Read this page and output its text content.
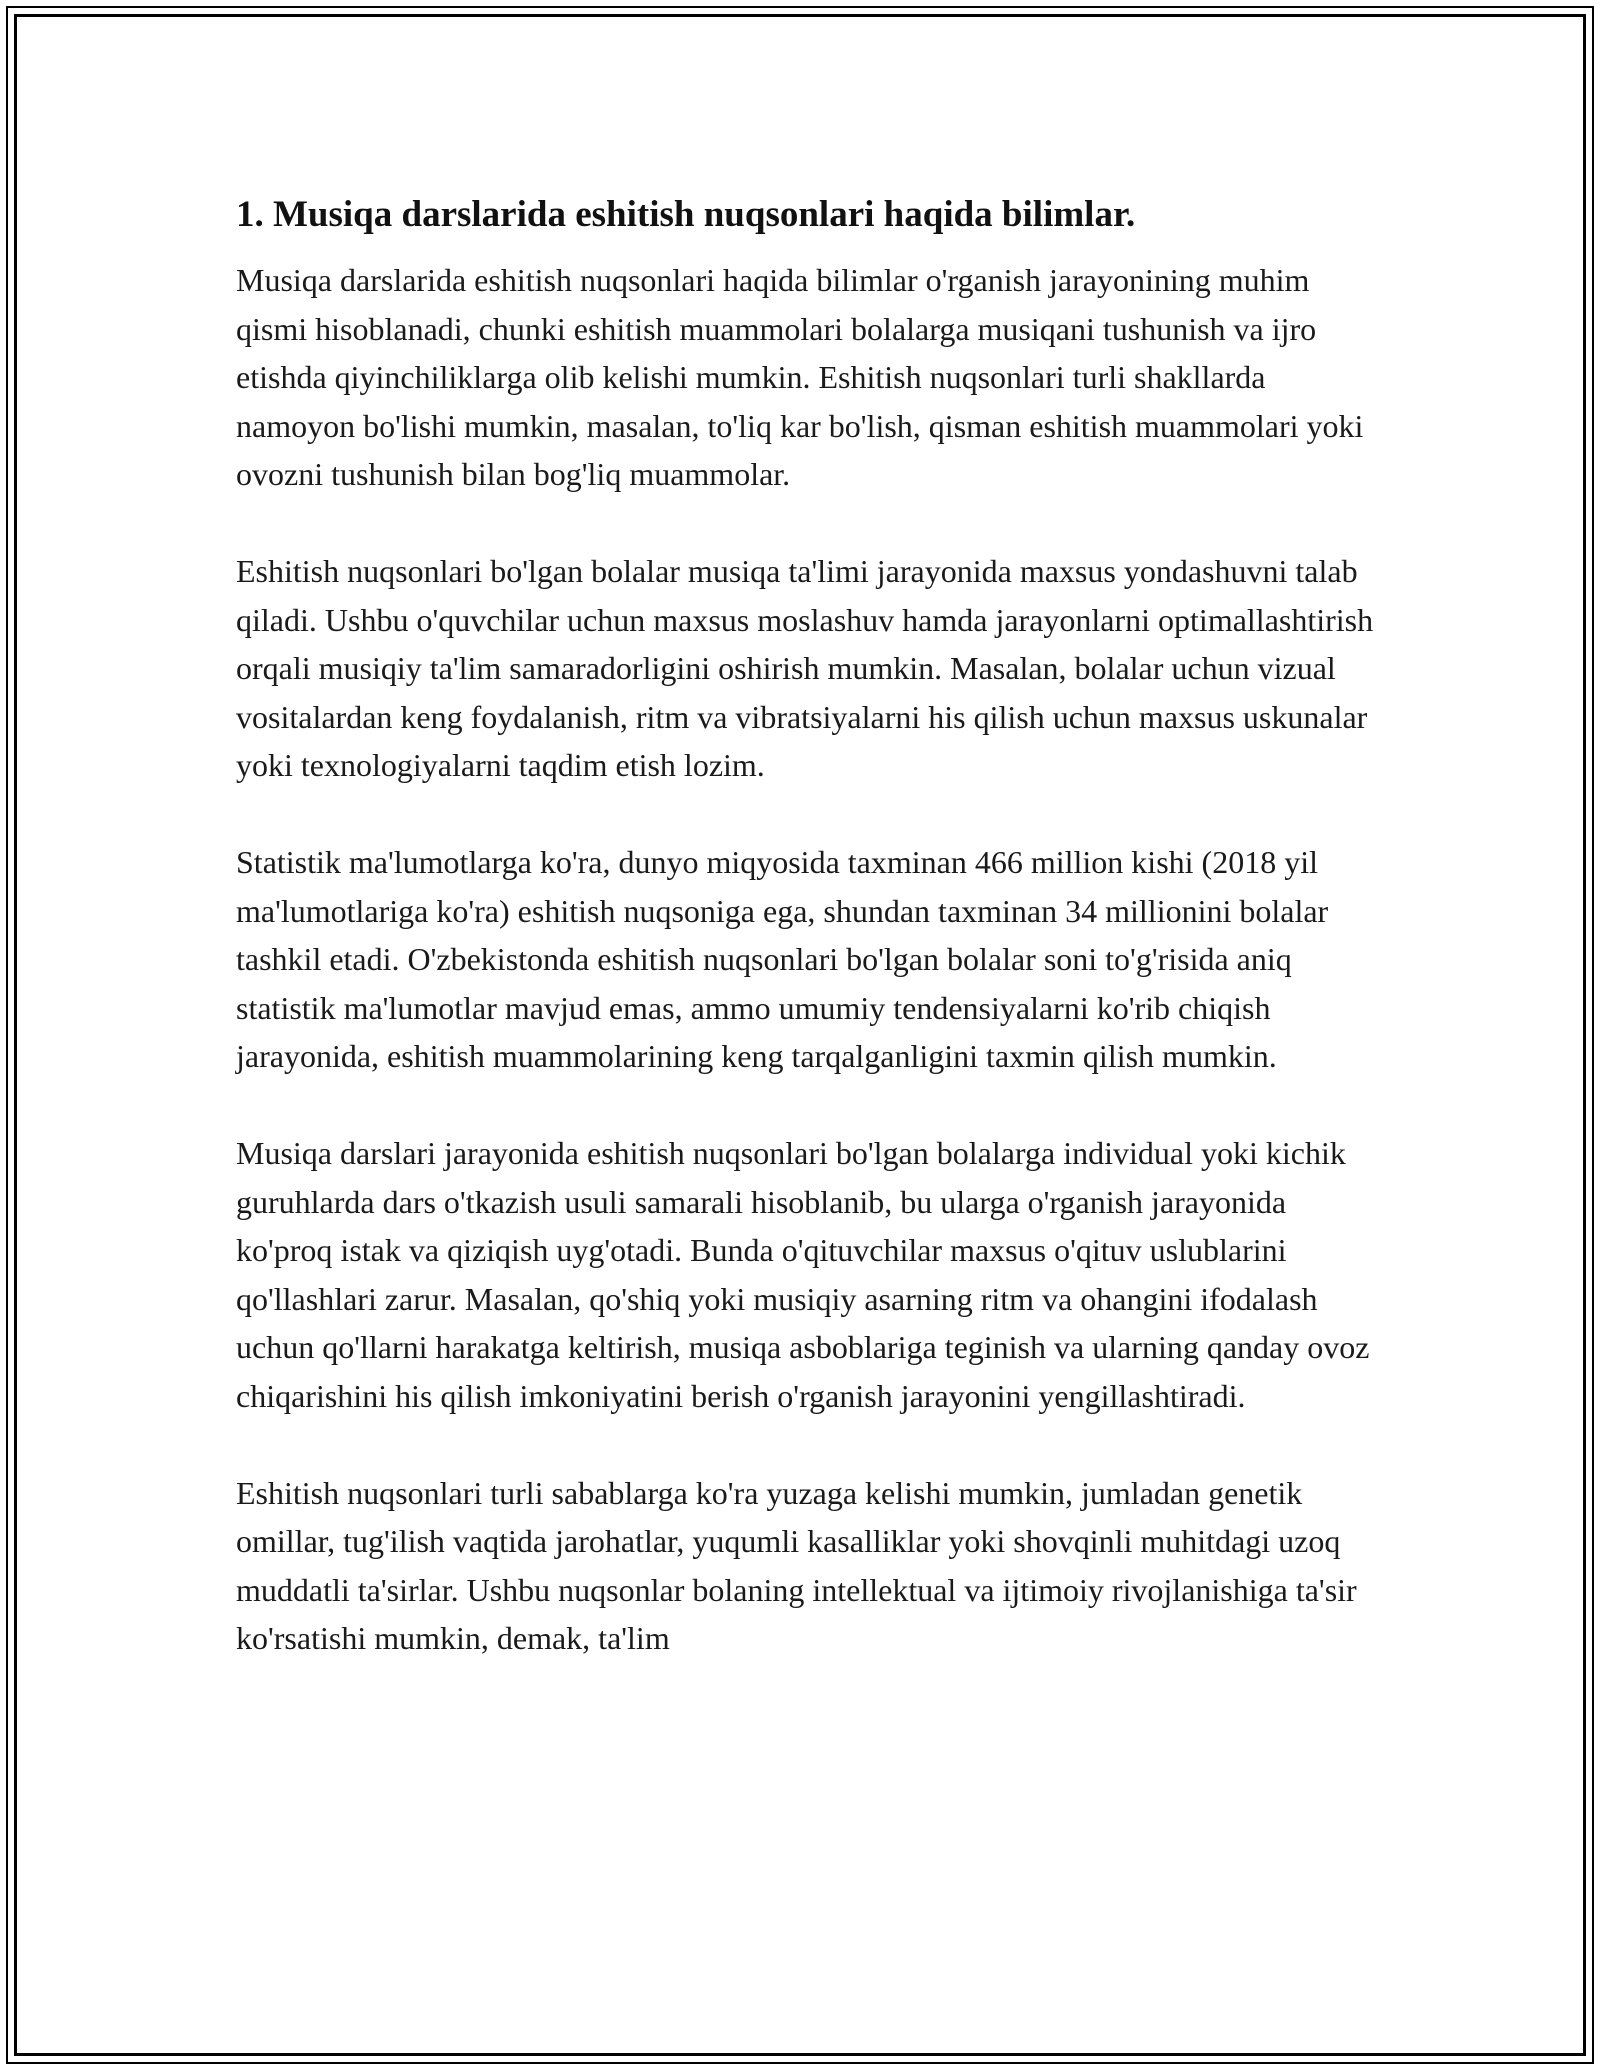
1. Musiqa darslarida eshitish nuqsonlari haqida bilimlar.

Musiqa darslarida eshitish nuqsonlari haqida bilimlar o'rganish jarayonining muhim qismi hisoblanadi, chunki eshitish muammolari bolalarga musiqani tushunish va ijro etishda qiyinchiliklarga olib kelishi mumkin. Eshitish nuqsonlari turli shakllarda namoyon bo'lishi mumkin, masalan, to'liq kar bo'lish, qisman eshitish muammolari yoki ovozni tushunish bilan bog'liq muammolar.

Eshitish nuqsonlari bo'lgan bolalar musiqa ta'limi jarayonida maxsus yondashuvni talab qiladi. Ushbu o'quvchilar uchun maxsus moslashuv hamda jarayonlarni optimallashtirish orqali musiqiy ta'lim samaradorligini oshirish mumkin. Masalan, bolalar uchun vizual vositalardan keng foydalanish, ritm va vibratsiyalarni his qilish uchun maxsus uskunalar yoki texnologiyalarni taqdim etish lozim.

Statistik ma'lumotlarga ko'ra, dunyo miqyosida taxminan 466 million kishi (2018 yil ma'lumotlariga ko'ra) eshitish nuqsoniga ega, shundan taxminan 34 millionini bolalar tashkil etadi. O'zbekistonda eshitish nuqsonlari bo'lgan bolalar soni to'g'risida aniq statistik ma'lumotlar mavjud emas, ammo umumiy tendensiyalarni ko'rib chiqish jarayonida, eshitish muammolarining keng tarqalganligini taxmin qilish mumkin.

Musiqa darslari jarayonida eshitish nuqsonlari bo'lgan bolalarga individual yoki kichik guruhlarda dars o'tkazish usuli samarali hisoblanib, bu ularga o'rganish jarayonida ko'proq istak va qiziqish uyg'otadi. Bunda o'qituvchilar maxsus o'qituv uslublarini qo'llashlari zarur. Masalan, qo'shiq yoki musiqiy asarning ritm va ohangini ifodalash uchun qo'llarni harakatga keltirish, musiqa asboblariga teginish va ularning qanday ovoz chiqarishini his qilish imkoniyatini berish o'rganish jarayonini yengillashtiradi.

Eshitish nuqsonlari turli sabablarga ko'ra yuzaga kelishi mumkin, jumladan genetik omillar, tug'ilish vaqtida jarohatlar, yuqumli kasalliklar yoki shovqinli muhitdagi uzoq muddatli ta'sirlar. Ushbu nuqsonlar bolaning intellektual va ijtimoiy rivojlanishiga ta'sir ko'rsatishi mumkin, demak, ta'lim
